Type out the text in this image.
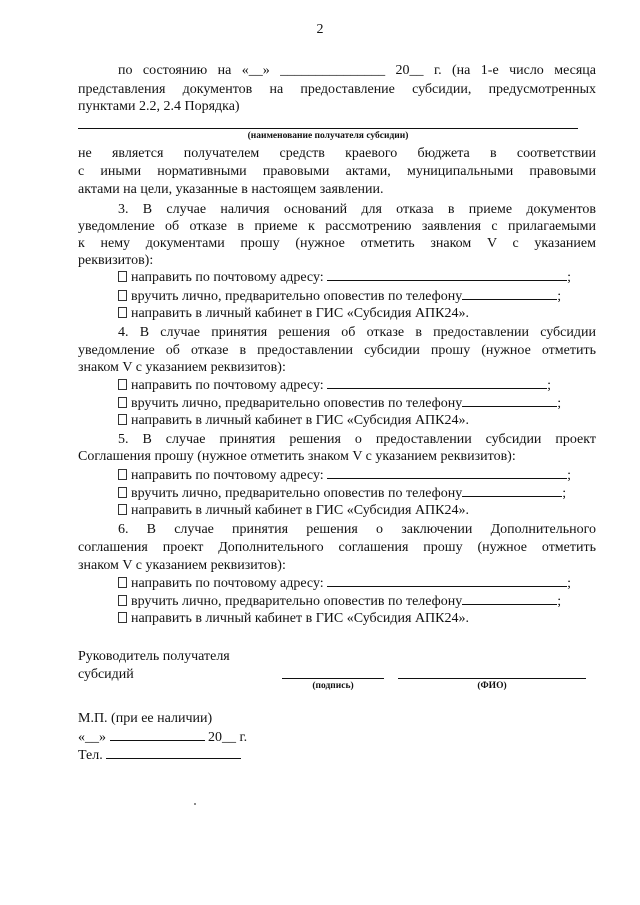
2
по состоянию на «__» _______________ 20__ г. (на 1-е число месяца
представления документов на предоставление субсидии, предусмотренных
пунктами 2.2, 2.4 Порядка)
(наименование получателя субсидии)
не является получателем средств краевого бюджета в соответствии
с иными нормативными правовыми актами, муниципальными правовыми
актами на цели, указанные в настоящем заявлении.
3. В случае наличия оснований для отказа в приеме документов
уведомление об отказе в приеме к рассмотрению заявления с прилагаемыми
к нему документами прошу (нужное отметить знаком V с указанием
реквизитов):
направить по почтовому адресу:	;
вручить лично, предварительно оповестив по телефону	;
направить в личный кабинет в ГИС «Субсидия АПК24».
4. В случае принятия решения об отказе в предоставлении субсидии
уведомление об отказе в предоставлении субсидии прошу (нужное отметить
знаком V с указанием реквизитов):
направить по почтовому адресу:	;
вручить лично, предварительно оповестив по телефону	;
направить в личный кабинет в ГИС «Субсидия АПК24».
5. В случае принятия решения о предоставлении субсидии проект
Соглашения прошу (нужное отметить знаком V с указанием реквизитов):
направить по почтовому адресу:	;
вручить лично, предварительно оповестив по телефону	;
направить в личный кабинет в ГИС «Субсидия АПК24».
6. В случае принятия решения о заключении Дополнительного
соглашения проект Дополнительного соглашения прошу (нужное отметить
знаком V с указанием реквизитов):
направить по почтовому адресу:	;
вручить лично, предварительно оповестив по телефону	;
направить в личный кабинет в ГИС «Субсидия АПК24».
Руководитель получателя
субсидий
(подпись)	(ФИО)
М.П. (при ее наличии)
«__»	20__ г.
Тел.
